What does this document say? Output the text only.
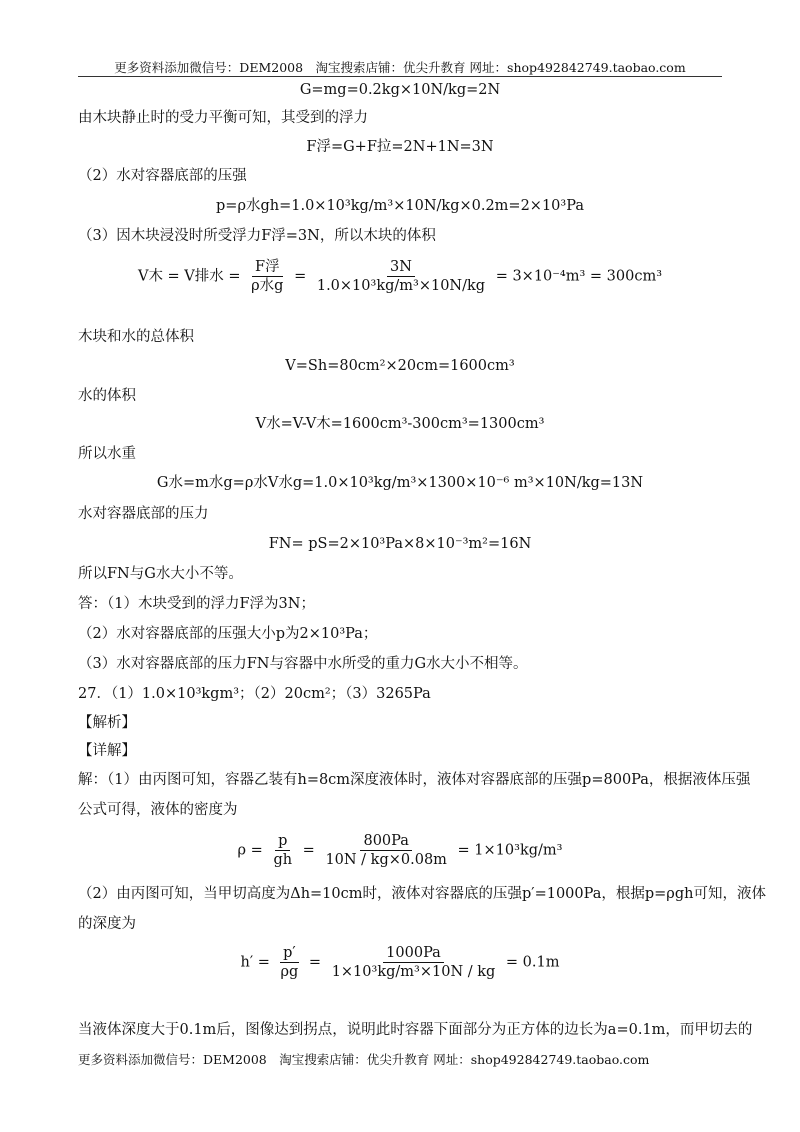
更多资料添加微信号：DEM2008　淘宝搜索店铺：优尖升教育 网址：shop492842749.taobao.com
G=mg=0.2kg×10N/kg=2N
由木块静止时的受力平衡可知，其受到的浮力
F浮=G+F拉=2N+1N=3N
（2）水对容器底部的压强
p=ρ水gh=1.0×10³kg/m³×10N/kg×0.2m=2×10³Pa
（3）因木块浸没时所受浮力F浮=3N，所以木块的体积
V木 = V排水 = $\frac{\text{F浮}}{\text{ρ水g}} = \frac{3N}{\text{1.0×10³kg/m³×10N/kg}} = 3\times 10^{-4}m^3 = 300cm^3$
木块和水的总体积
V=Sh=80cm²×20cm=1600cm³
水的体积
V水=V-V木=1600cm³-300cm³=1300cm³
所以水重
G水=m水g=ρ水V水g=1.0×10³kg/m³×1300×10⁻⁶ m³×10N/kg=13N
水对容器底部的压力
FN= pS=2×10³Pa×8×10⁻³m²=16N
所以FN与G水大小不等。
答：（1）木块受到的浮力F浮为3N；
（2）水对容器底部的压强大小p为2×10³Pa；
（3）水对容器底部的压力FN与容器中水所受的重力G水大小不相等。
27．（1）1.0×10³kgm³；（2）20cm²；（3）3265Pa
【解析】
【详解】
解：（1）由丙图可知，容器乙装有h=8cm深度液体时，液体对容器底部的压强p=800Pa，根据液体压强
公式可得，液体的密度为
$\rho = \frac{p}{gh} = \frac{800Pa}{10N / kg\times 0.08m} = 1\times 10^3kg/m^3$
（2）由丙图可知，当甲切高度为Δh=10cm时，液体对容器底的压强p′=1000Pa，根据p=ρgh可知，液体
的深度为
$h' = \frac{p'}{\rho g} = \frac{1000Pa}{\text{1×10³kg/m³×10N / kg}} = 0.1m$
当液体深度大于0.1m后，图像达到拐点，说明此时容器下面部分为正方体的边长为a=0.1m，而甲切去的
更多资料添加微信号：DEM2008　淘宝搜索店铺：优尖升教育 网址：shop492842749.taobao.com
